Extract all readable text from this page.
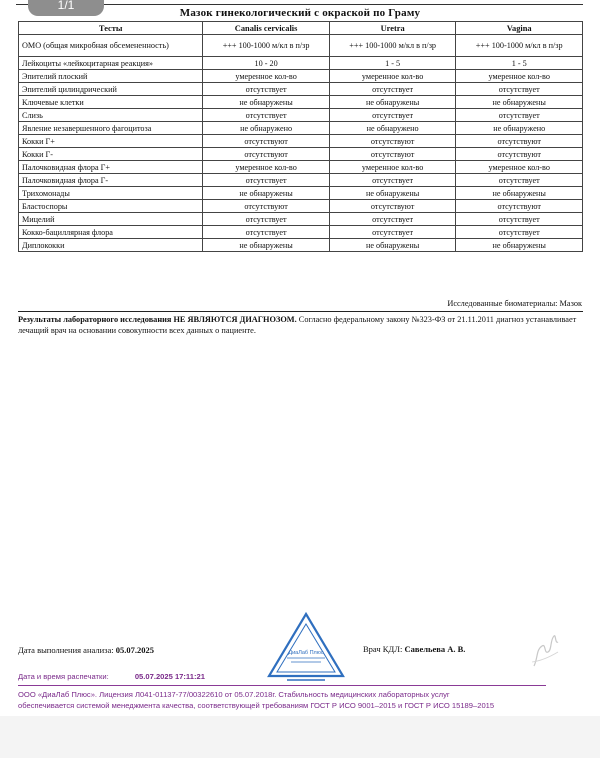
1/1
Мазок гинекологический с окраской по Граму
Тесты	Canalis cervicalis	Uretra	Vagina
ОМО (общая микробная обсемененность)	+++ 100-1000 м/кл в п/зр	+++ 100-1000 м/кл в п/зр	+++ 100-1000 м/кл в п/зр
Лейкоциты «лейкоцитарная реакция»	10 - 20	1 - 5	1 - 5
Эпителий плоский	умеренное кол-во	умеренное кол-во	умеренное кол-во
Эпителий цилиндрический	отсутствует	отсутствует	отсутствует
Ключевые клетки	не обнаружены	не обнаружены	не обнаружены
Слизь	отсутствует	отсутствует	отсутствует
Явление незавершенного фагоцитоза	не обнаружено	не обнаружено	не обнаружено
Кокки Г+	отсутствуют	отсутствуют	отсутствуют
Кокки Г-	отсутствуют	отсутствуют	отсутствуют
Палочковидная флора Г+	умеренное кол-во	умеренное кол-во	умеренное кол-во
Палочковидная флора Г-	отсутствует	отсутствует	отсутствует
Трихомонады	не обнаружены	не обнаружены	не обнаружены
Бластоспоры	отсутствуют	отсутствуют	отсутствуют
Мицелий	отсутствует	отсутствует	отсутствует
Кокко-бациллярная флора	отсутствует	отсутствует	отсутствует
Диплококки	не обнаружены	не обнаружены	не обнаружены
Исследованные биоматериалы: Мазок
Результаты лабораторного исследования НЕ ЯВЛЯЮТСЯ ДИАГНОЗОМ. Согласно федеральному закону №323-ФЗ от 21.11.2011 диагноз устанавливает лечащий врач на основании совокупности всех данных о пациенте.
Дата выполнения анализа: 05.07.2025	ДиаЛаб Плюс	Врач КДЛ: Савельева А. В.
Дата и время распечатки:	05.07.2025 17:11:21
ООО «ДиаЛаб Плюс». Лицензия Л041-01137-77/00322610 от 05.07.2018г. Стабильность медицинских лабораторных услуг
обеспечивается системой менеджмента качества, соответствующей требованиям ГОСТ Р ИСО 9001–2015 и ГОСТ Р ИСО 15189–2015
